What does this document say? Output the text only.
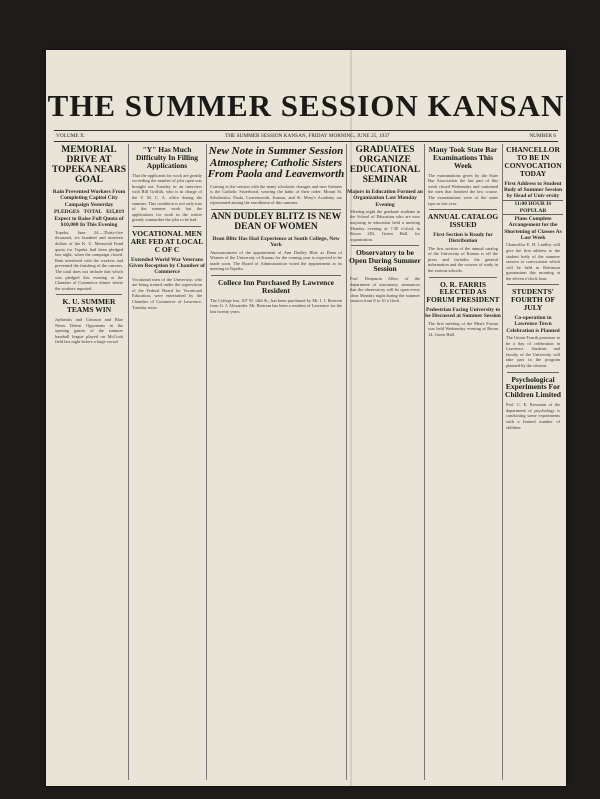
THE SUMMER SESSION KANSAN
VOLUME X.	THE SUMMER SESSION KANSAN, FRIDAY MORNING, JUNE 25, 1937	NUMBER 6
MEMORIAL DRIVE AT TOPEKA NEARS GOAL
Rain Prevented Workers From Completing Capitol City Campaign Yesterday
PLEDGES TOTAL $35,819
Expect to Raise Full Quota of $10,000 In This Evening
Topeka, June 24.—Thirty-five thousand, six hundred and nineteen dollars of the K. U. Memorial Fund quota for Topeka had been pledged last night, when the campaign closed. Rain interfered with the workers and prevented the finishing of the canvass. The total does not include that which was pledged this evening at the Chamber of Commerce dinner where the workers reported.
K. U. SUMMER TEAMS WIN
Jayhawks and Crimson and Blue Nines Defeat Opponents in the opening games of the summer baseball league played on McCook field last night before a large crowd.
"Y" Has Much Difficulty In Filling Applications
That the applicants for work are greatly exceeding the number of jobs open was brought out Tuesday in an interview with Bill Griffith, who is in charge of the Y. M. C. A. office during the summer. This condition is not only true of the summer work but the applications for work in the winter greatly outnumber the jobs to be had.
VOCATIONAL MEN ARE FED AT LOCAL C OF C
Extended World War Veterans Given Reception by Chamber of Commerce
Vocational men of the University, who are being trained under the supervision of the Federal Board for Vocational Education, were entertained by the Chamber of Commerce of Lawrence, Tuesday noon.
New Note in Summer Session Atmosphere; Catholic Sisters From Paola and Leavenworth
Coming to the session with the many scholastic changes and new features is the Catholic Sisterhood, wearing the habit of their order. Mount St. Scholastica, Paola, Leavenworth, Kansas, and St. Mary's Academy are represented among the enrollment of this summer.
ANN DUDLEY BLITZ IS NEW DEAN OF WOMEN
Dean Blitz Has Had Experience at South College, New York
Announcement of the appointment of Ann Dudley Blitz as Dean of Women of the University of Kansas for the coming year is expected to be made soon. The Board of Administration voted the appointment at its meeting in Topeka.
Collece Inn Purchased By Lawrence Resident
The College Inn, 107 W. 14th St., has been purchased by Mr. I. J. Bertrem from G. J. Alexander. Mr. Bertrem has been a resident of Lawrence for the last twenty years.
GRADUATES ORGANIZE EDUCATIONAL SEMINAR
Majors in Education Formed an Organization Last Monday Evening
Meeting night the graduate students in the School of Education who are now majoring in education held a meeting Monday evening at 7:30 o'clock in Room 203, Green Hall, for organization.
Observatory to be Open During Summer Session
Prof. Benjamin Allen, of the department of astronomy, announces that the observatory will be open every clear Monday night during the summer session from 8 to 10 o'clock.
Many Took State Bar Examinations This Week
The examinations given by the State Bar Association the last part of this week closed Wednesday and contained the men that finished the law course. The examinations were of the same type as last year.
ANNUAL CATALOG ISSUED
First Section is Ready for Distribution
The first section of the annual catalog of the University of Kansas is off the press and includes the general information and the courses of study in the various schools.
O. R. FARRIS ELECTED AS FORUM PRESIDENT
Pedestrian Facing University to be Discussed at Summer Session
The first meeting of the Men's Forum was held Wednesday evening at Room 14, Green Hall.
CHANCELLOR TO BE IN CONVOCATION TODAY
First Address to Student Body of Summer Session by Head of Univ ersity
11:00 HOUR IS POPULAR
Plans Complete Arrangement for the Shortening of Classes As Last Week
Chancellor E. H. Lindley will give the first address to the student body of the summer session at convocation which will be held in Robinson gymnasium this morning at the eleven o'clock hour.
STUDENTS' FOURTH OF JULY
Co-operation in Lawrence Town Celebration is Planned
The Union Fourth promises to be a day of celebration in Lawrence. Students and faculty of the University will take part in the program planned by the citizens.
Psychological Experiments For Children Limited
Prof. C. E. Rossman of the department of psychology is conducting some experiments with a limited number of children.
